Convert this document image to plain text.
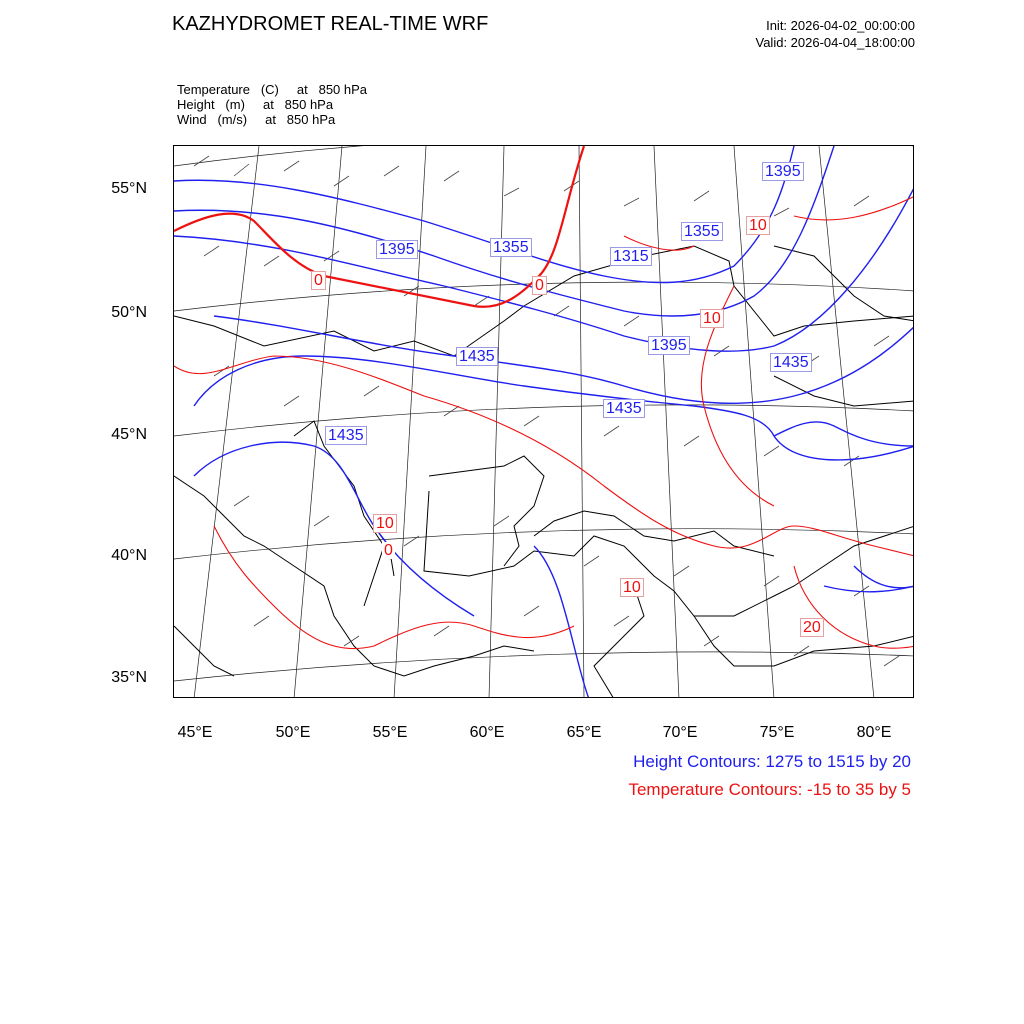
KAZHYDROMET REAL-TIME WRF	Init: 2026-04-02_00:00:00
Valid: 2026-04-04_18:00:00
Temperature   (C)     at   850 hPa
Height   (m)     at   850 hPa
Wind   (m/s)     at   850 hPa
1395	1355
1315
1355
1395
1395
1435	1435
1435
1435
0	0
10
10
10
10
20
0
55°N
50°N
45°N
40°N
35°N
45°E	50°E	55°E	60°E	65°E	70°E	75°E	80°E
Height Contours: 1275 to 1515 by 20
Temperature Contours: -15 to 35 by 5
